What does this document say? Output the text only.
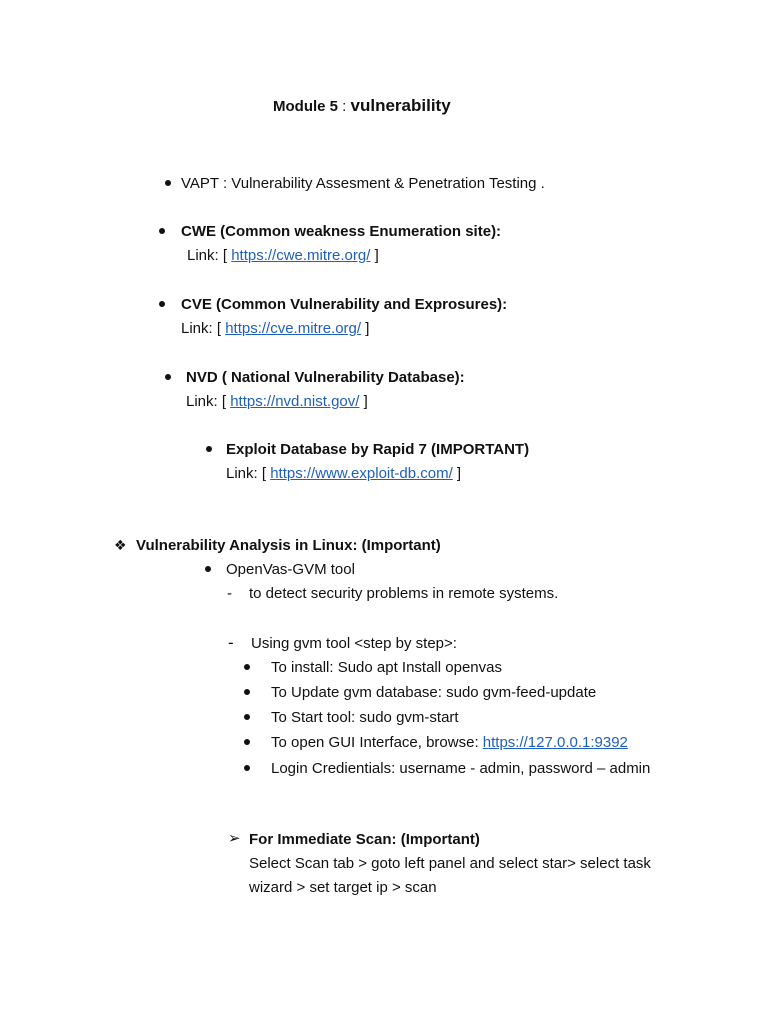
Module 5 : vulnerability
VAPT : Vulnerability Assesment & Penetration Testing .
CWE (Common weakness Enumeration site):
Link: [ https://cwe.mitre.org/ ]
CVE (Common Vulnerability and Exprosures):
Link: [ https://cve.mitre.org/ ]
NVD ( National Vulnerability Database):
Link: [ https://nvd.nist.gov/ ]
Exploit Database by Rapid 7 (IMPORTANT)
Link: [ https://www.exploit-db.com/ ]
❖ Vulnerability Analysis in Linux: (Important)
OpenVas-GVM tool
- to detect security problems in remote systems.
- Using gvm tool <step by step>:
To install: Sudo apt Install openvas
To Update gvm database: sudo gvm-feed-update
To Start tool: sudo gvm-start
To open GUI Interface, browse: https://127.0.0.1:9392
Login Credientials: username - admin, password – admin
➢ For Immediate Scan: (Important)
Select Scan tab > goto left panel and select star> select task
wizard > set target ip > scan
